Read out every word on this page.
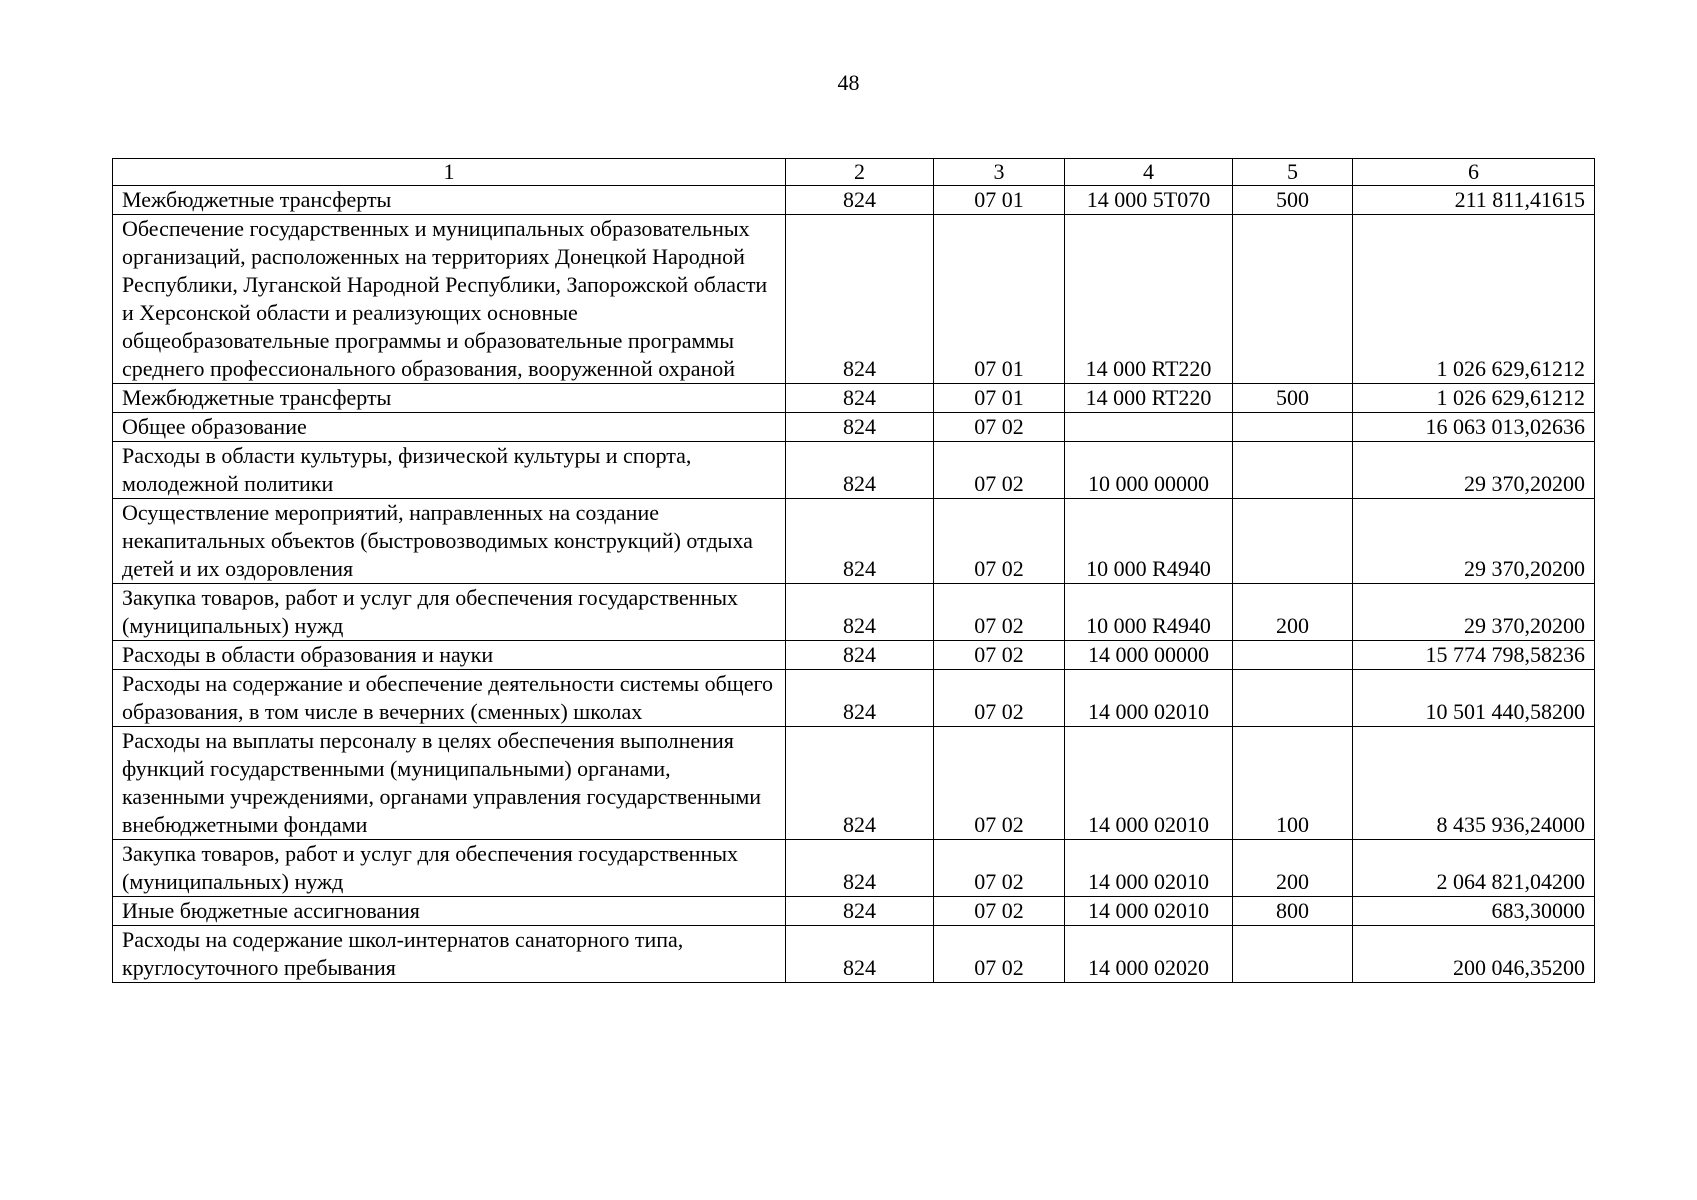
48
1	2	3	4	5	6
Межбюджетные трансферты	824	07 01	14 000 5Т070	500	211 811,41615
Обеспечение государственных и муниципальных образовательных организаций, расположенных на территориях Донецкой Народной Республики, Луганской Народной Республики, Запорожской области и Херсонской области и реализующих основные общеобразовательные программы и образовательные программы среднего профессионального образования, вооруженной охраной	824	07 01	14 000 RT220		1 026 629,61212
Межбюджетные трансферты	824	07 01	14 000 RT220	500	1 026 629,61212
Общее образование	824	07 02			16 063 013,02636
Расходы в области культуры, физической культуры и спорта, молодежной политики	824	07 02	10 000 00000		29 370,20200
Осуществление мероприятий, направленных на создание некапитальных объектов (быстровозводимых конструкций) отдыха детей и их оздоровления	824	07 02	10 000 R4940		29 370,20200
Закупка товаров, работ и услуг для обеспечения государственных (муниципальных) нужд	824	07 02	10 000 R4940	200	29 370,20200
Расходы в области образования и науки	824	07 02	14 000 00000		15 774 798,58236
Расходы на содержание и обеспечение деятельности системы общего образования, в том числе в вечерних (сменных) школах	824	07 02	14 000 02010		10 501 440,58200
Расходы на выплаты персоналу в целях обеспечения выполнения функций государственными (муниципальными) органами, казенными учреждениями, органами управления государственными внебюджетными фондами	824	07 02	14 000 02010	100	8 435 936,24000
Закупка товаров, работ и услуг для обеспечения государственных (муниципальных) нужд	824	07 02	14 000 02010	200	2 064 821,04200
Иные бюджетные ассигнования	824	07 02	14 000 02010	800	683,30000
Расходы на содержание школ-интернатов санаторного типа, круглосуточного пребывания	824	07 02	14 000 02020		200 046,35200
